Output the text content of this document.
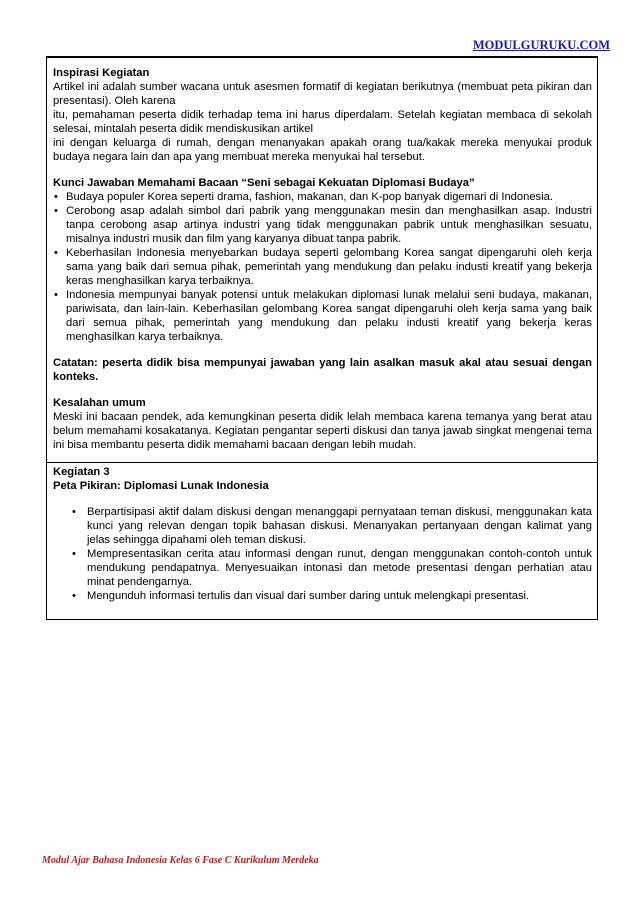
MODULGURUKU.COM
Inspirasi Kegiatan
Artikel ini adalah sumber wacana untuk asesmen formatif di kegiatan berikutnya (membuat peta pikiran dan presentasi). Oleh karena
itu, pemahaman peserta didik terhadap tema ini harus diperdalam. Setelah kegiatan membaca di sekolah selesai, mintalah peserta didik mendiskusikan artikel
ini dengan keluarga di rumah, dengan menanyakan apakah orang tua/kakak mereka menyukai produk budaya negara lain dan apa yang membuat mereka menyukai hal tersebut.
Kunci Jawaban Memahami Bacaan “Seni sebagai Kekuatan Diplomasi Budaya”
• Budaya populer Korea seperti drama, fashion, makanan, dan K-pop banyak digemari di Indonesia.
• Cerobong asap adalah simbol dari pabrik yang menggunakan mesin dan menghasilkan asap. Industri tanpa cerobong asap artinya industri yang tidak menggunakan pabrik untuk menghasilkan sesuatu, misalnya industri musik dan film yang karyanya dibuat tanpa pabrik.
• Keberhasilan Indonesia menyebarkan budaya seperti gelombang Korea sangat dipengaruhi oleh kerja sama yang baik dari semua pihak, pemerintah yang mendukung dan pelaku industi kreatif yang bekerja keras menghasilkan karya terbaiknya.
• Indonesia mempunyai banyak potensi untuk melakukan diplomasi lunak melalui seni budaya, makanan, pariwisata, dan lain-lain. Keberhasilan gelombang Korea sangat dipengaruhi oleh kerja sama yang baik dari semua pihak, pemerintah yang mendukung dan pelaku industi kreatif yang bekerja keras menghasilkan karya terbaiknya.
Catatan: peserta didik bisa mempunyai jawaban yang lain asalkan masuk akal atau sesuai dengan konteks.
Kesalahan umum
Meski ini bacaan pendek, ada kemungkinan peserta didik lelah membaca karena temanya yang berat atau belum memahami kosakatanya. Kegiatan pengantar seperti diskusi dan tanya jawab singkat mengenai tema ini bisa membantu peserta didik memahami bacaan dengan lebih mudah.
Kegiatan 3
Peta Pikiran: Diplomasi Lunak Indonesia
• Berpartisipasi aktif dalam diskusi dengan menanggapi pernyataan teman diskusi, menggunakan kata kunci yang relevan dengan topik bahasan diskusi. Menanyakan pertanyaan dengan kalimat yang jelas sehingga dipahami oleh teman diskusi.
• Mempresentasikan cerita atau informasi dengan runut, dengan menggunakan contoh-contoh untuk mendukung pendapatnya. Menyesuaikan intonasi dan metode presentasi dengan perhatian atau minat pendengarnya.
• Mengunduh informasi tertulis dan visual dari sumber daring untuk melengkapi presentasi.
Modul Ajar Bahasa Indonesia Kelas 6 Fase C Kurikulum Merdeka
